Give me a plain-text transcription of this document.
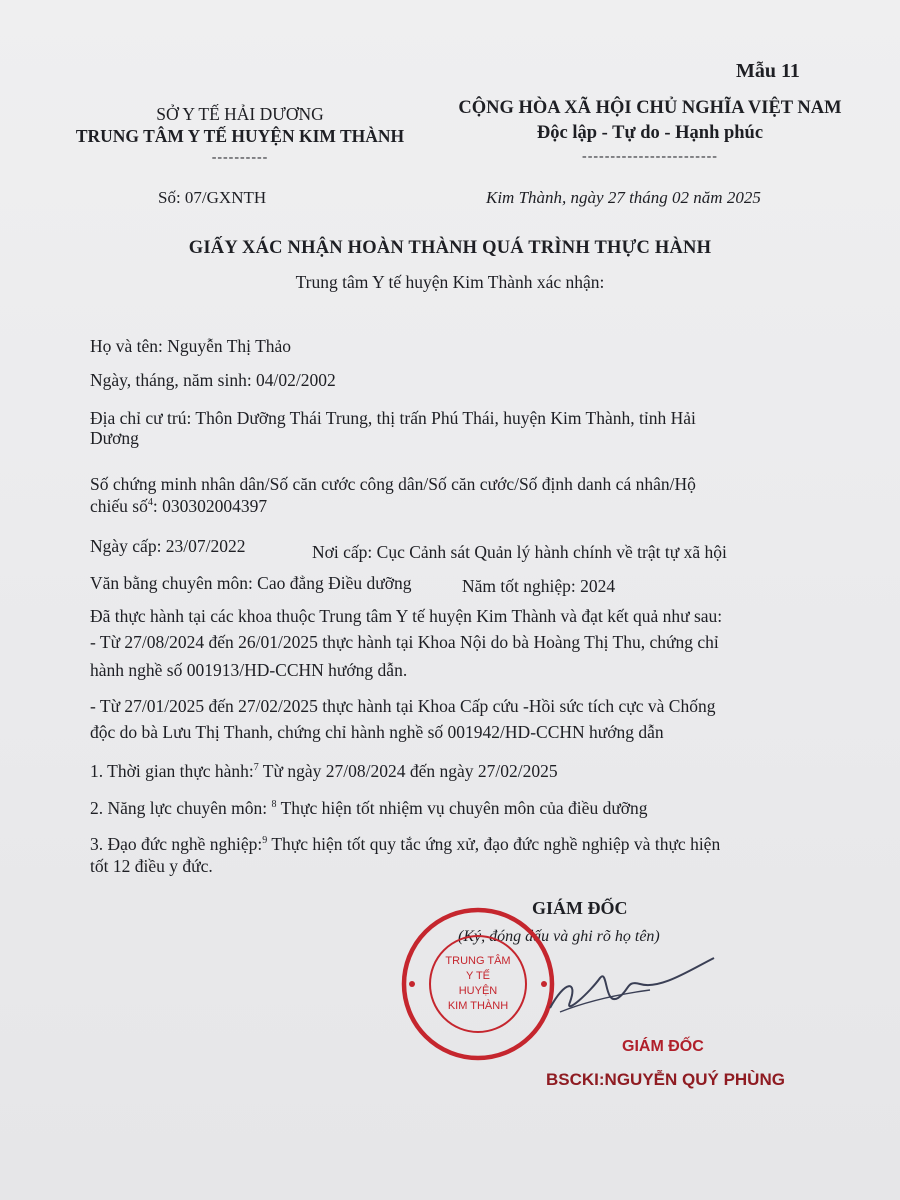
Mẫu 11
SỞ Y TẾ HẢI DƯƠNG
TRUNG TÂM Y TẾ HUYỆN KIM THÀNH
----------
CỘNG HÒA XÃ HỘI CHỦ NGHĨA VIỆT NAM
Độc lập - Tự do - Hạnh phúc
------------------------
Số: 07/GXNTH	Kim Thành, ngày 27 tháng 02 năm 2025
GIẤY XÁC NHẬN HOÀN THÀNH QUÁ TRÌNH THỰC HÀNH
Trung tâm Y tế huyện Kim Thành xác nhận:
Họ và tên: Nguyễn Thị Thảo
Ngày, tháng, năm sinh: 04/02/2002
Địa chỉ cư trú: Thôn Dưỡng Thái Trung, thị trấn Phú Thái, huyện Kim Thành, tỉnh Hải
Dương
Số chứng minh nhân dân/Số căn cước công dân/Số căn cước/Số định danh cá nhân/Hộ
chiếu số$^4$: 030302004397
Ngày cấp: 23/07/2022	Nơi cấp: Cục Cảnh sát Quản lý hành chính về trật tự xã hội
Văn bằng chuyên môn: Cao đẳng Điều dưỡng	Năm tốt nghiệp: 2024
Đã thực hành tại các khoa thuộc Trung tâm Y tế huyện Kim Thành và đạt kết quả như sau:
- Từ 27/08/2024 đến 26/01/2025 thực hành tại Khoa Nội do bà Hoàng Thị Thu, chứng chỉ
hành nghề số 001913/HD-CCHN hướng dẫn.
- Từ 27/01/2025 đến 27/02/2025 thực hành tại Khoa Cấp cứu -Hồi sức tích cực và Chống
độc do bà Lưu Thị Thanh, chứng chỉ hành nghề số 001942/HD-CCHN hướng dẫn
1. Thời gian thực hành:$^7$ Từ ngày 27/08/2024 đến ngày 27/02/2025
2. Năng lực chuyên môn: $^8$ Thực hiện tốt nhiệm vụ chuyên môn của điều dưỡng
3. Đạo đức nghề nghiệp:$^9$ Thực hiện tốt quy tắc ứng xử, đạo đức nghề nghiệp và thực hiện
tốt 12 điều y đức.
GIÁM ĐỐC
(Ký, đóng dấu và ghi rõ họ tên)
TRUNG TÂM
Y TẾ
HUYỆN
KIM THÀNH
GIÁM ĐỐC
BSCKI:NGUYỄN QUÝ PHÙNG
